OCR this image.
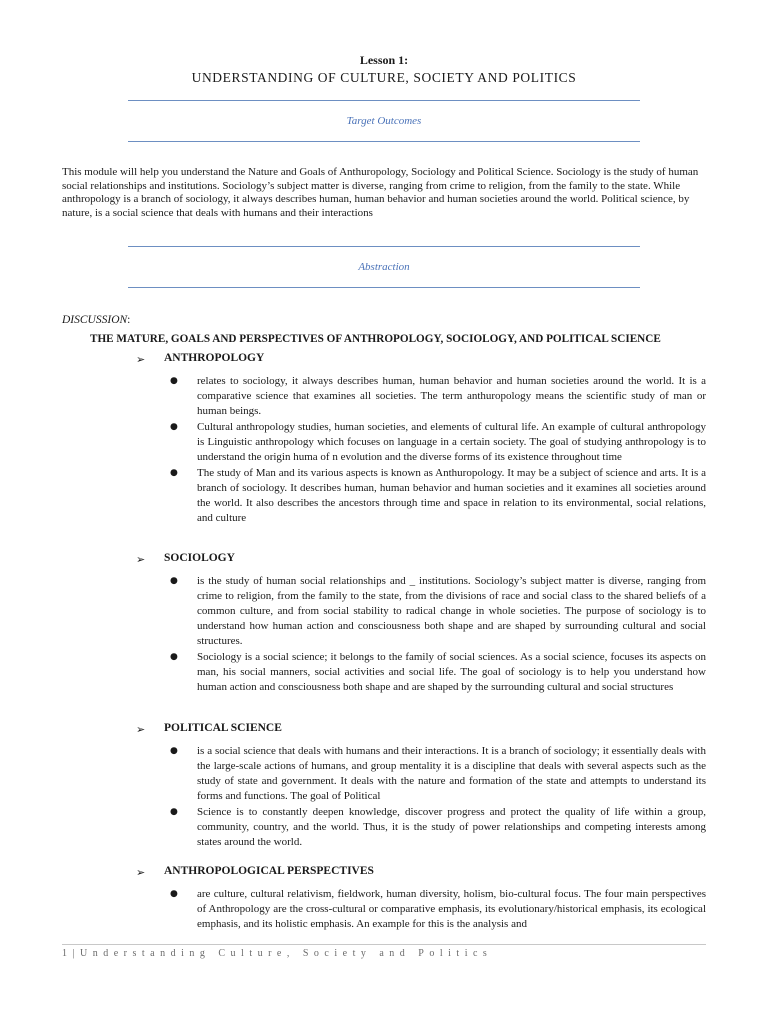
Lesson 1:
UNDERSTANDING OF CULTURE, SOCIETY AND POLITICS
Target Outcomes
This module will help you understand the Nature and Goals of Anthuropology, Sociology and Political Science. Sociology is the study of human social relationships and institutions. Sociology’s subject matter is diverse, ranging from crime to religion, from the family to the state. While anthropology is a branch of sociology, it always describes human, human behavior and human societies around the world. Political science, by nature, is a social science that deals with humans and their interactions
Abstraction
DISCUSSION:
THE MATURE, GOALS AND PERSPECTIVES OF ANTHROPOLOGY, SOCIOLOGY, AND POLITICAL SCIENCE
➢ ANTHROPOLOGY
● relates to sociology, it always describes human, human behavior and human societies around the world. It is a comparative science that examines all societies. The term anthuropology means the scientific study of man or human beings.
● Cultural anthropology studies, human societies, and elements of cultural life. An example of cultural anthropology is Linguistic anthropology which focuses on language in a certain society. The goal of studying anthropology is to understand the origin huma of n evolution and the diverse forms of its existence throughout time
● The study of Man and its various aspects is known as Anthuropology. It may be a subject of science and arts. It is a branch of sociology. It describes human, human behavior and human societies and it examines all societies around the world. It also describes the ancestors through time and space in relation to its environmental, social relations, and culture
➢ SOCIOLOGY
● is the study of human social relationships and _ institutions. Sociology’s subject matter is diverse, ranging from crime to religion, from the family to the state, from the divisions of race and social class to the shared beliefs of a common culture, and from social stability to radical change in whole societies. The purpose of sociology is to understand how human action and consciousness both shape and are shaped by surrounding cultural and social structures.
● Sociology is a social science; it belongs to the family of social sciences. As a social science, focuses its aspects on man, his social manners, social activities and social life. The goal of sociology is to help you understand how human action and consciousness both shape and are shaped by the surrounding cultural and social structures
➢ POLITICAL SCIENCE
● is a social science that deals with humans and their interactions. It is a branch of sociology; it essentially deals with the large-scale actions of humans, and group mentality it is a discipline that deals with several aspects such as the study of state and government. It deals with the nature and formation of the state and attempts to understand its forms and functions. The goal of Political
● Science is to constantly deepen knowledge, discover progress and protect the quality of life within a group, community, country, and the world. Thus, it is the study of power relationships and competing interests among states around the world.
➢ ANTHROPOLOGICAL PERSPECTIVES
● are culture, cultural relativism, fieldwork, human diversity, holism, bio-cultural focus. The four main perspectives of Anthropology are the cross-cultural or comparative emphasis, its evolutionary/historical emphasis, its ecological emphasis, and its holistic emphasis. An example for this is the analysis and
1|Understanding Culture, Society and Politics
